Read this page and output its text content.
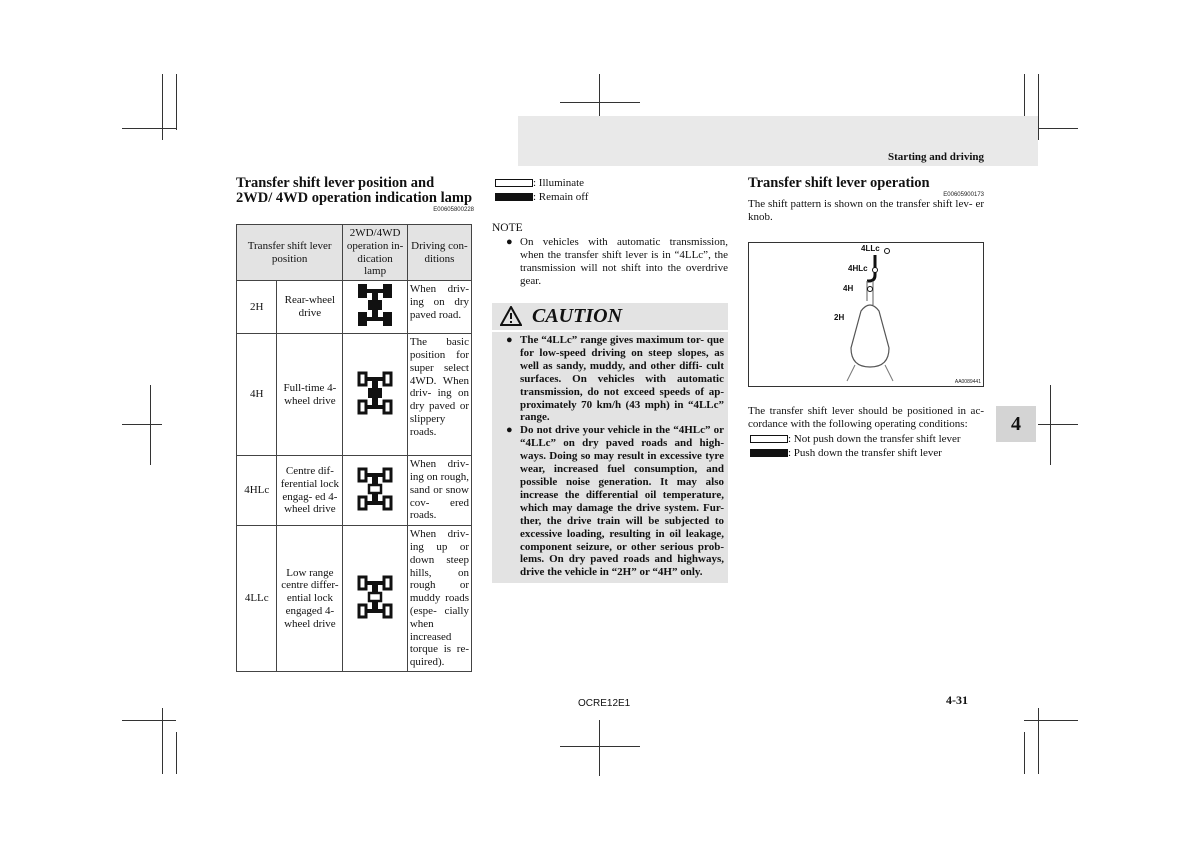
Starting and driving
4
Transfer shift lever position and 2WD/ 4WD operation indication lamp
E00605800228
Transfer shift lever position		2WD/4WD operation in- dication lamp	Driving con- ditions
2H	Rear-wheel drive		When driv- ing on dry paved road.
4H	Full-time 4- wheel drive		The basic position for super select 4WD. When driv- ing on dry paved or slippery roads.
4HLc	Centre dif- ferential lock engag- ed 4-wheel drive		When driv- ing on rough, sand or snow cov- ered roads.
4LLc	Low range centre differ- ential lock engaged 4- wheel drive		When driv- ing up or down steep hills, on rough or muddy roads (espe- cially when increased torque is re- quired).
: Illuminate
: Remain off
NOTE
● On vehicles with automatic transmission, when the transfer shift lever is in “4LLc”, the transmission will not shift into the overdrive gear.
CAUTION
● The “4LLc” range gives maximum tor- que for low-speed driving on steep slopes, as well as sandy, muddy, and other diffi- cult surfaces. On vehicles with automatic transmission, do not exceed speeds of ap- proximately 70 km/h (43 mph) in “4LLc” range.
● Do not drive your vehicle in the “4HLc” or “4LLc” on dry paved roads and high- ways. Doing so may result in excessive tyre wear, increased fuel consumption, and possible noise generation. It may also increase the differential oil temperature, which may damage the drive system. Fur- ther, the drive train will be subjected to excessive loading, resulting in oil leakage, component seizure, or other serious prob- lems. On dry paved roads and highways, drive the vehicle in “2H” or “4H” only.
Transfer shift lever operation
E00605900173
The shift pattern is shown on the transfer shift lev- er knob.
4LLc
4HLc
4H
2H
AA0089441
The transfer shift lever should be positioned in ac- cordance with the following operating conditions:
: Not push down the transfer shift lever
: Push down the transfer shift lever
OCRE12E1	4-31
